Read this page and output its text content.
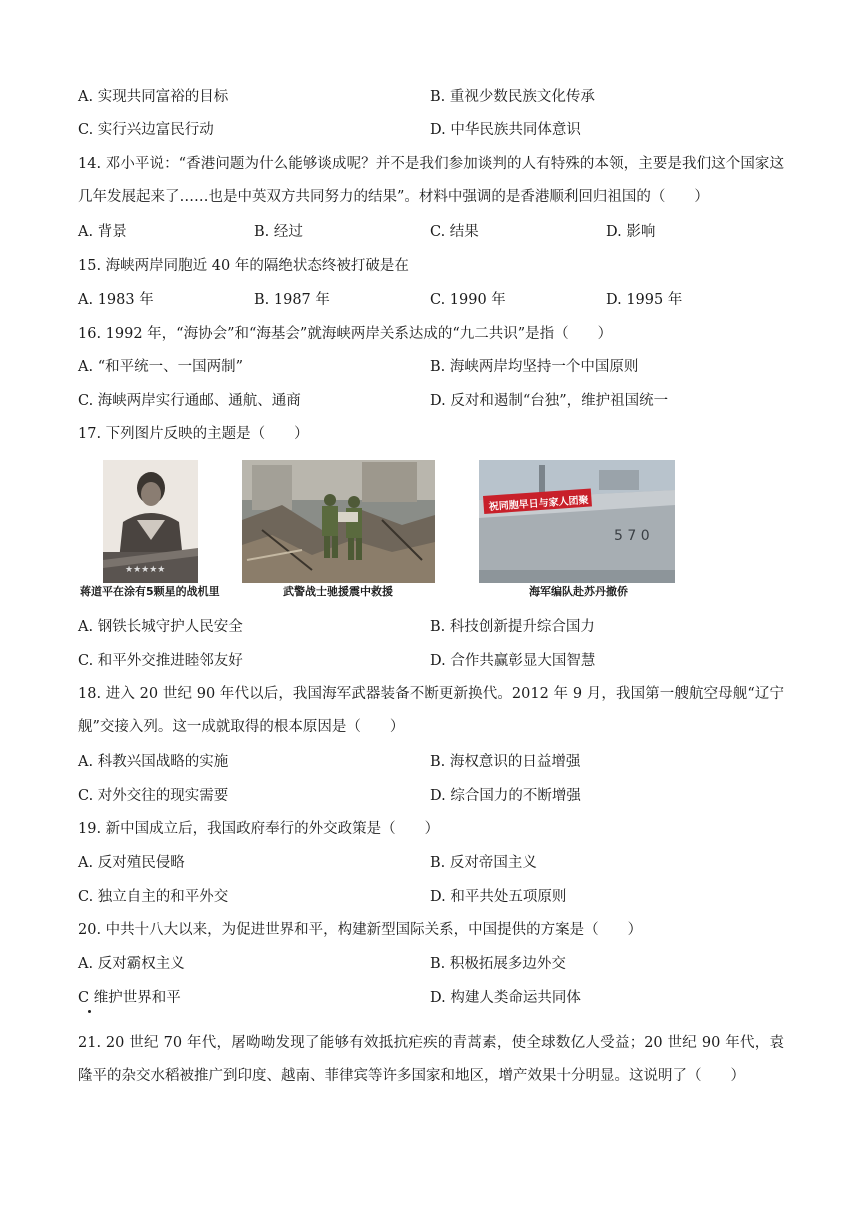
A. 实现共同富裕的目标	B. 重视少数民族文化传承
C. 实行兴边富民行动	D. 中华民族共同体意识
14. 邓小平说：“香港问题为什么能够谈成呢？并不是我们参加谈判的人有特殊的本领，主要是我们这个国家这几年发展起来了……也是中英双方共同努力的结果”。材料中强调的是香港顺利回归祖国的（　　）
A. 背景	B. 经过	C. 结果	D. 影响
15. 海峡两岸同胞近 40 年的隔绝状态终被打破是在
A. 1983 年	B. 1987 年	C. 1990 年	D. 1995 年
16. 1992 年，“海协会”和“海基会”就海峡两岸关系达成的“九二共识”是指（　　）
A. “和平统一、一国两制”	B. 海峡两岸均坚持一个中国原则
C. 海峡两岸实行通邮、通航、通商	D. 反对和遏制“台独”，维护祖国统一
17. 下列图片反映的主题是（　　）
★★★★★
蒋道平在涂有5颗星的战机里	武警战士驰援震中救援
祝同胞早日与家人团聚
5 7 0
海军编队赴苏丹撤侨
A. 钢铁长城守护人民安全	B. 科技创新提升综合国力
C. 和平外交推进睦邻友好	D. 合作共赢彰显大国智慧
18. 进入 20 世纪 90 年代以后，我国海军武器装备不断更新换代。2012 年 9 月，我国第一艘航空母舰“辽宁舰”交接入列。这一成就取得的根本原因是（　　）
A. 科教兴国战略的实施	B. 海权意识的日益增强
C. 对外交往的现实需要	D. 综合国力的不断增强
19. 新中国成立后，我国政府奉行的外交政策是（　　）
A. 反对殖民侵略	B. 反对帝国主义
C. 独立自主的和平外交	D. 和平共处五项原则
20. 中共十八大以来，为促进世界和平，构建新型国际关系，中国提供的方案是（　　）
A. 反对霸权主义	B. 积极拓展多边外交
C 维护世界和平	D. 构建人类命运共同体
21. 20 世纪 70 年代，屠呦呦发现了能够有效抵抗疟疾的青蒿素，使全球数亿人受益；20 世纪 90 年代，袁隆平的杂交水稻被推广到印度、越南、菲律宾等许多国家和地区，增产效果十分明显。这说明了（　　）
